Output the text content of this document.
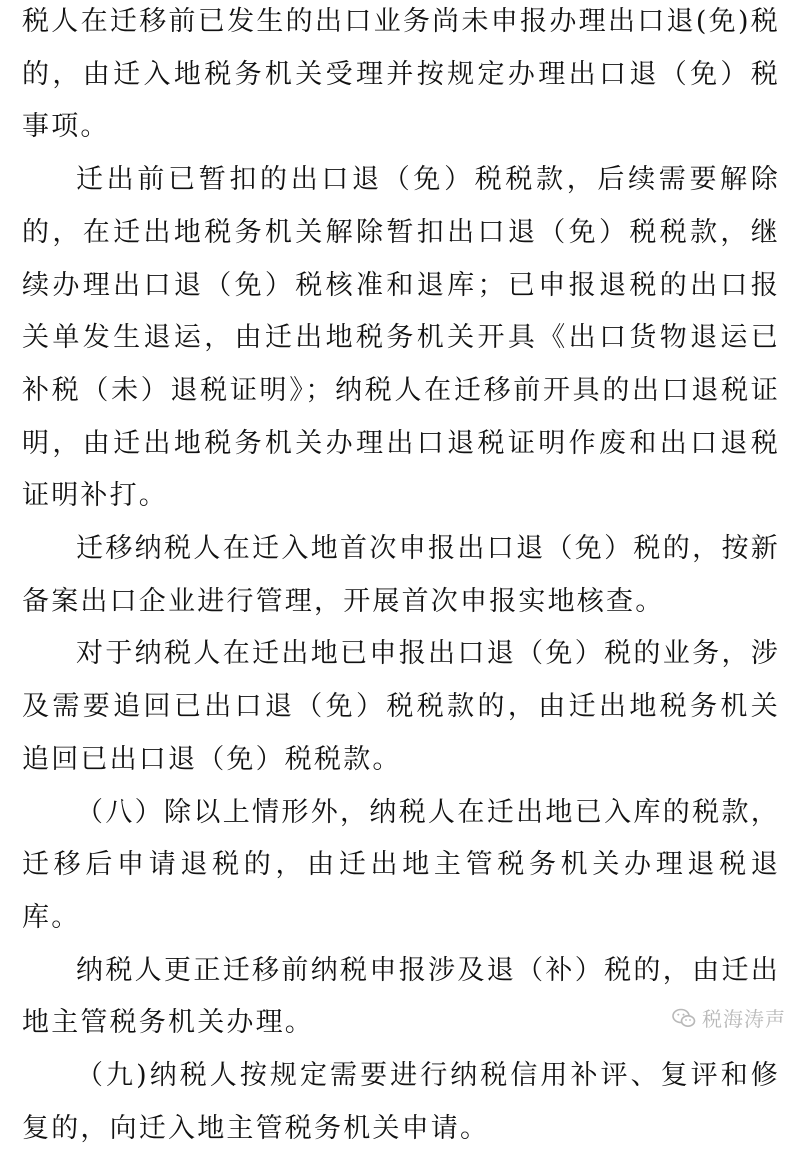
税人在迁移前已发生的出口业务尚未申报办理出口退(免)税的，由迁入地税务机关受理并按规定办理出口退（免）税事项。

迁出前已暂扣的出口退（免）税税款，后续需要解除的，在迁出地税务机关解除暂扣出口退（免）税税款，继续办理出口退（免）税核准和退库；已申报退税的出口报关单发生退运，由迁出地税务机关开具《出口货物退运已补税（未）退税证明》；纳税人在迁移前开具的出口退税证明，由迁出地税务机关办理出口退税证明作废和出口退税证明补打。

迁移纳税人在迁入地首次申报出口退（免）税的，按新备案出口企业进行管理，开展首次申报实地核查。

对于纳税人在迁出地已申报出口退（免）税的业务，涉及需要追回已出口退（免）税税款的，由迁出地税务机关追回已出口退（免）税税款。

（八）除以上情形外，纳税人在迁出地已入库的税款，迁移后申请退税的，由迁出地主管税务机关办理退税退库。

纳税人更正迁移前纳税申报涉及退（补）税的，由迁出地主管税务机关办理。

（九)纳税人按规定需要进行纳税信用补评、复评和修复的，向迁入地主管税务机关申请。

税海涛声
